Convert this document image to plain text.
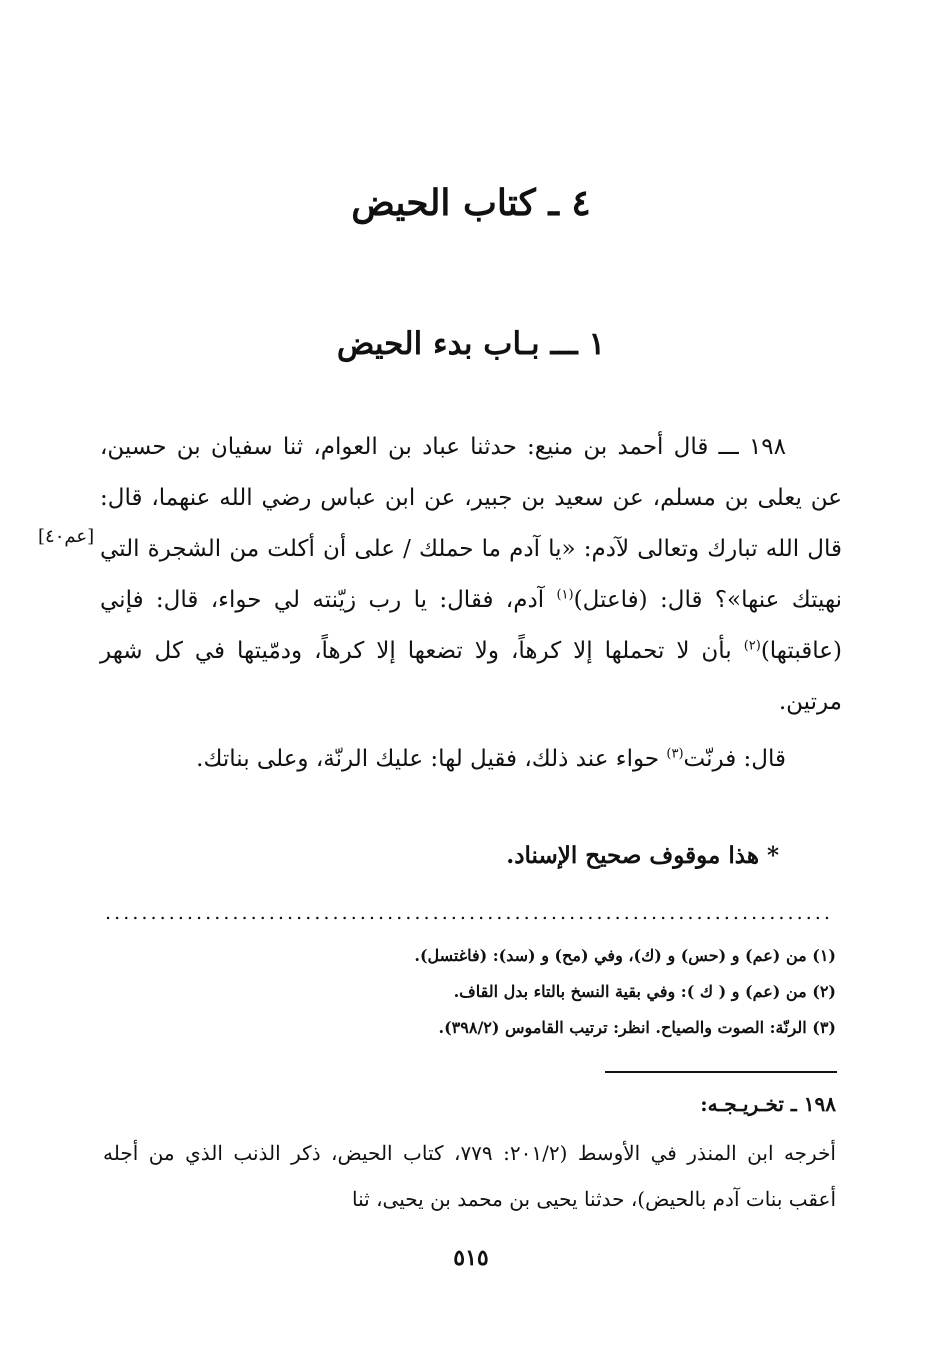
٤ ـ كتاب الحيض
١ ـــ بـاب بدء الحيض

١٩٨ ـــ قال أحمد بن منيع: حدثنا عباد بن العوام، ثنا سفيان بن حسين، عن يعلى بن مسلم، عن سعيد بن جبير، عن ابن عباس رضي الله عنهما، قال: قال الله تبارك وتعالى لآدم: «يا آدم ما حملك / على أن أكلت من الشجرة التي نهيتك عنها»؟ قال: (فاعتل)$^{(١)}$ آدم، فقال: يا رب زيّنته لي حواء، قال: فإني (عاقبتها)$^{(٢)}$ بأن لا تحملها إلا كرهاً، ولا تضعها إلا كرهاً، ودمّيتها في كل شهر مرتين.

قال: فرنّت$^{(٣)}$ حواء عند ذلك، فقيل لها: عليك الرنّة، وعلى بناتك.

[عم٤٠]

* هذا موقوف صحيح الإسناد.

(١) من (عم) و (حس) و (ك)، وفي (مح) و (سد): (فاغتسل).
(٢) من (عم) و ( ك ): وفي بقية النسخ بالتاء بدل القاف.
(٣) الرنّة: الصوت والصياح. انظر: ترتيب القاموس (٣٩٨/٢).

١٩٨ ـ تخـريـجـه:

أخرجه ابن المنذر في الأوسط (٢٠١/٢: ٧٧٩، كتاب الحيض، ذكر الذنب الذي من أجله أعقب بنات آدم بالحيض)، حدثنا يحيى بن محمد بن يحيى، ثنا

٥١٥
